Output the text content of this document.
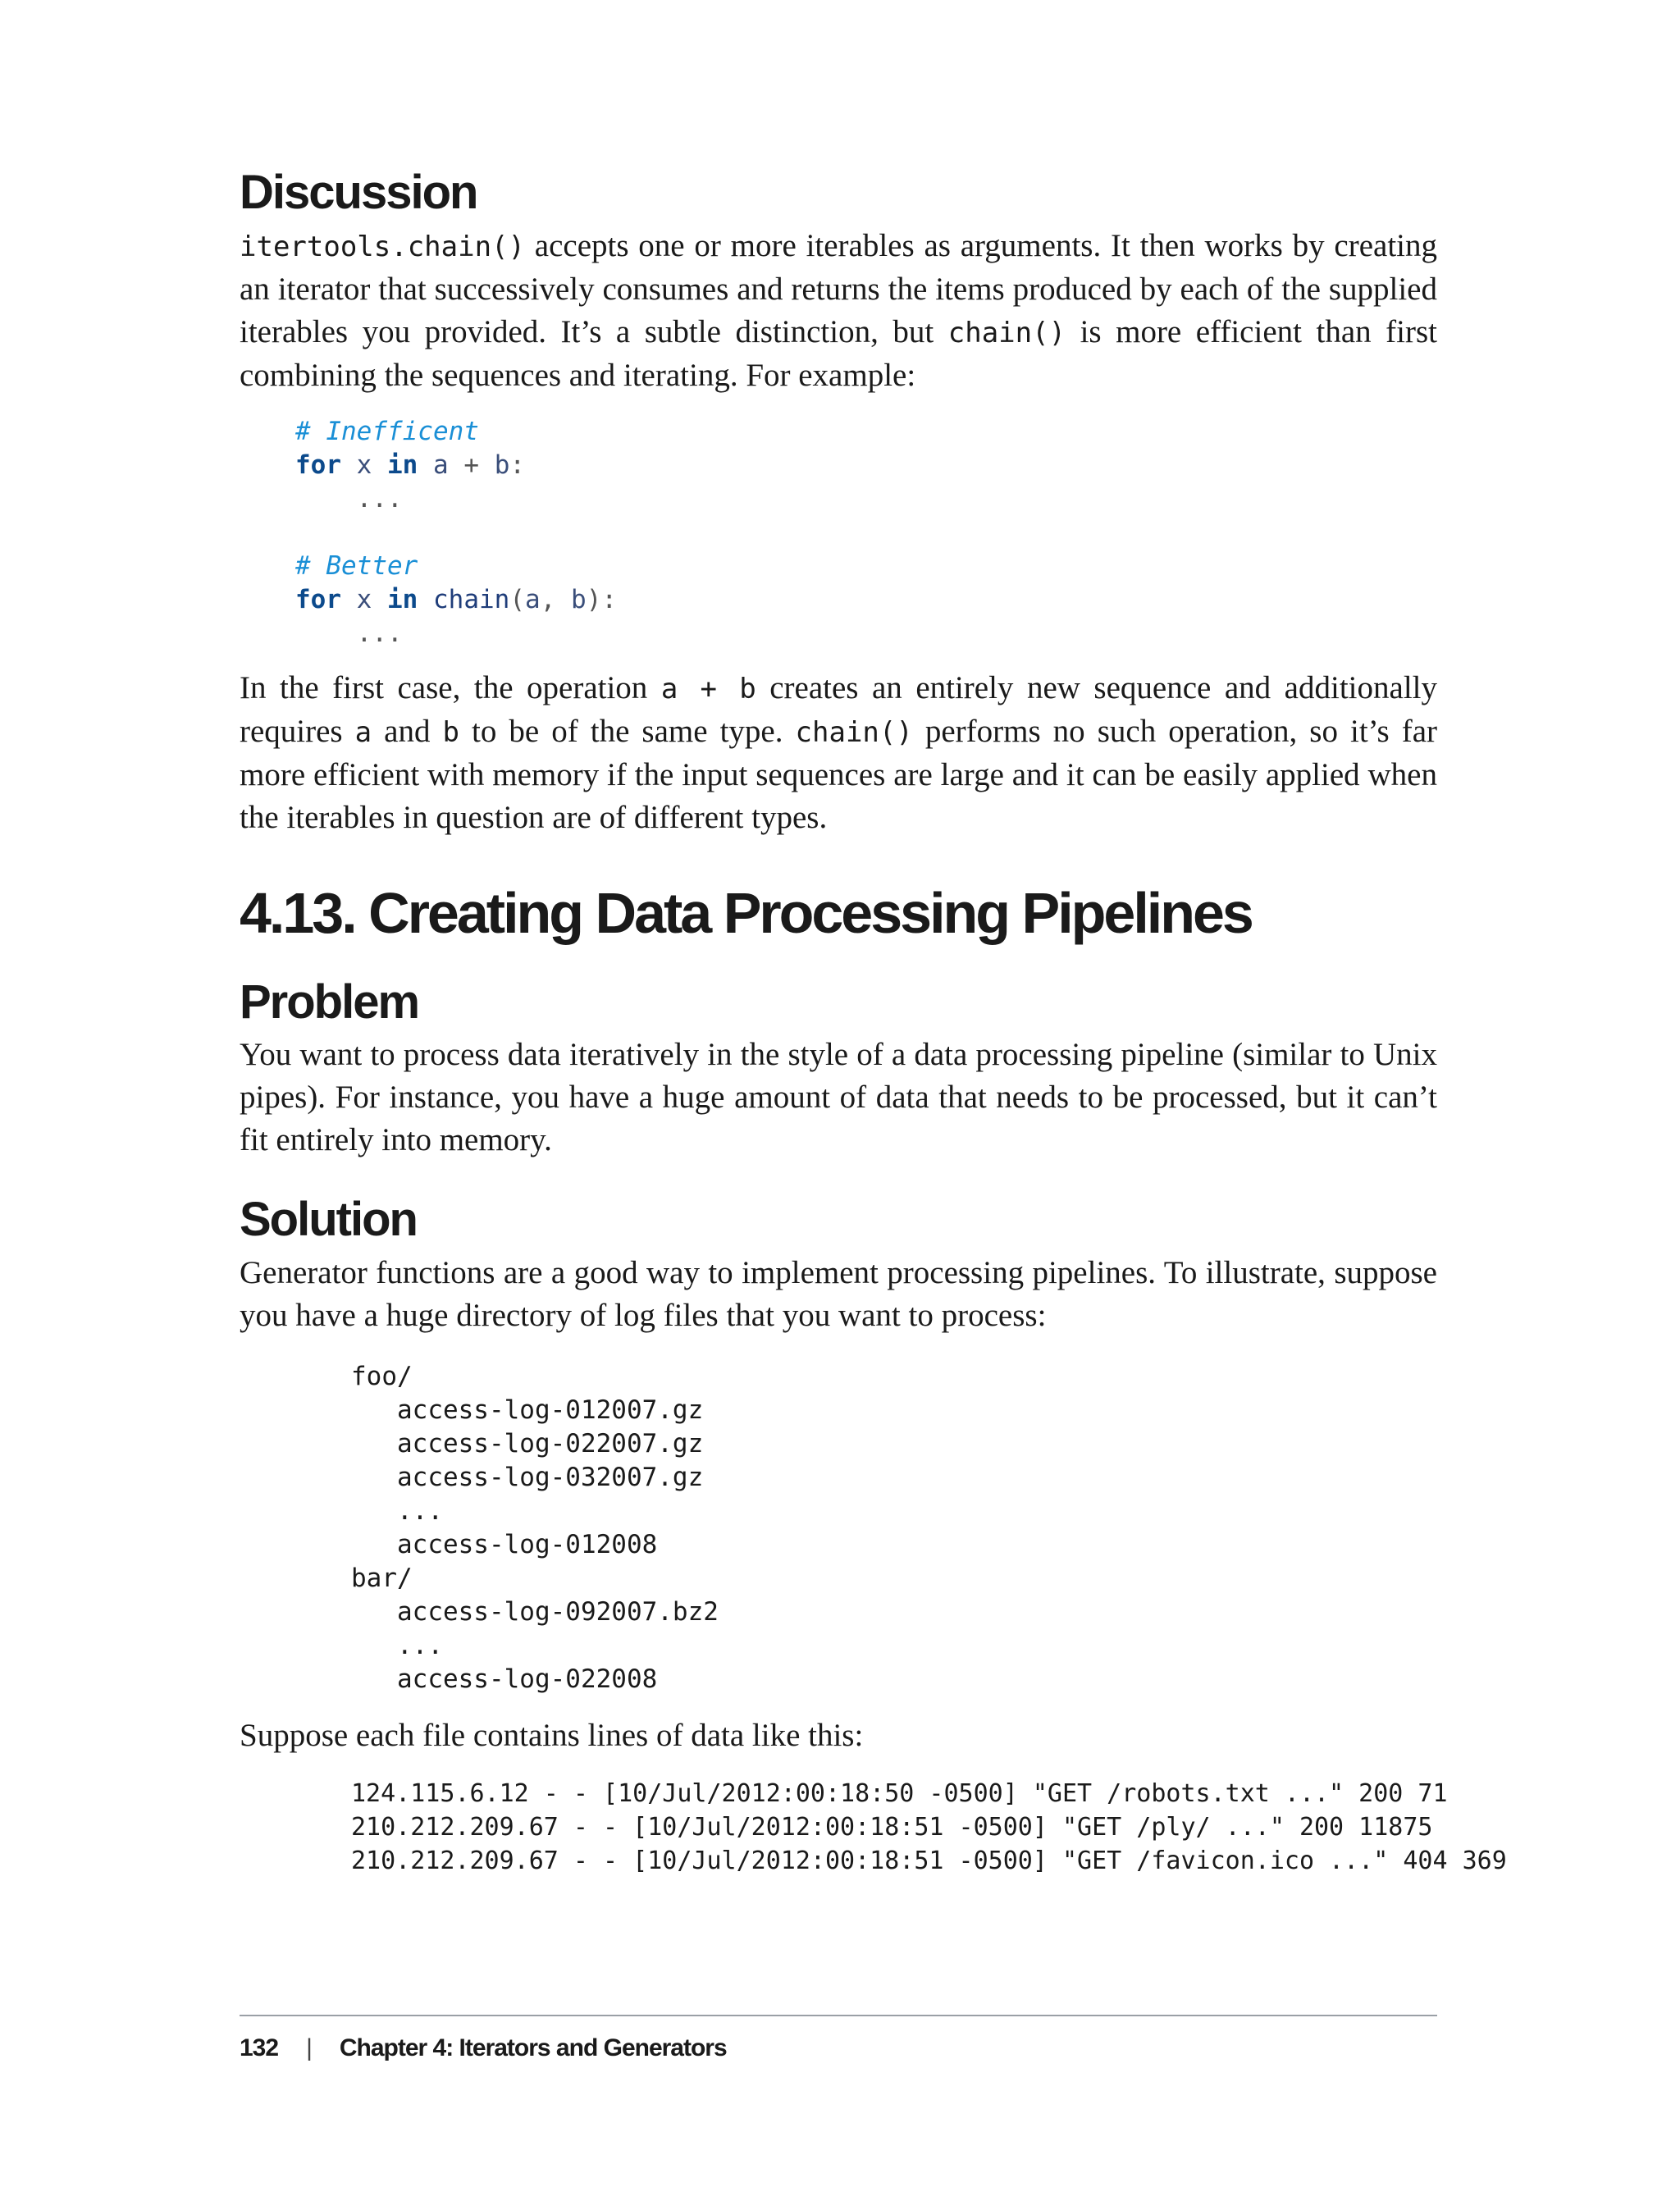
Discussion

itertools.chain() accepts one or more iterables as arguments. It then works by creating an iterator that successively consumes and returns the items produced by each of the supplied iterables you provided. It’s a subtle distinction, but chain() is more efficient than first combining the sequences and iterating. For example:

# Inefficent
for x in a + b:
...

# Better
for x in chain(a, b):
...

In the first case, the operation a + b creates an entirely new sequence and additionally requires a and b to be of the same type. chain() performs no such operation, so it’s far more efficient with memory if the input sequences are large and it can be easily applied when the iterables in question are of different types.

4.13. Creating Data Processing Pipelines
Problem

You want to process data iteratively in the style of a data processing pipeline (similar to Unix pipes). For instance, you have a huge amount of data that needs to be processed, but it can’t fit entirely into memory.

Solution

Generator functions are a good way to implement processing pipelines. To illustrate, suppose you have a huge directory of log files that you want to process:

foo/
access-log-012007.gz
access-log-022007.gz
access-log-032007.gz
...
access-log-012008
bar/
access-log-092007.bz2
...
access-log-022008

Suppose each file contains lines of data like this:

124.115.6.12 - - [10/Jul/2012:00:18:50 -0500] "GET /robots.txt ..." 200 71
210.212.209.67 - - [10/Jul/2012:00:18:51 -0500] "GET /ply/ ..." 200 11875
210.212.209.67 - - [10/Jul/2012:00:18:51 -0500] "GET /favicon.ico ..." 404 369
132 | Chapter 4: Iterators and Generators
